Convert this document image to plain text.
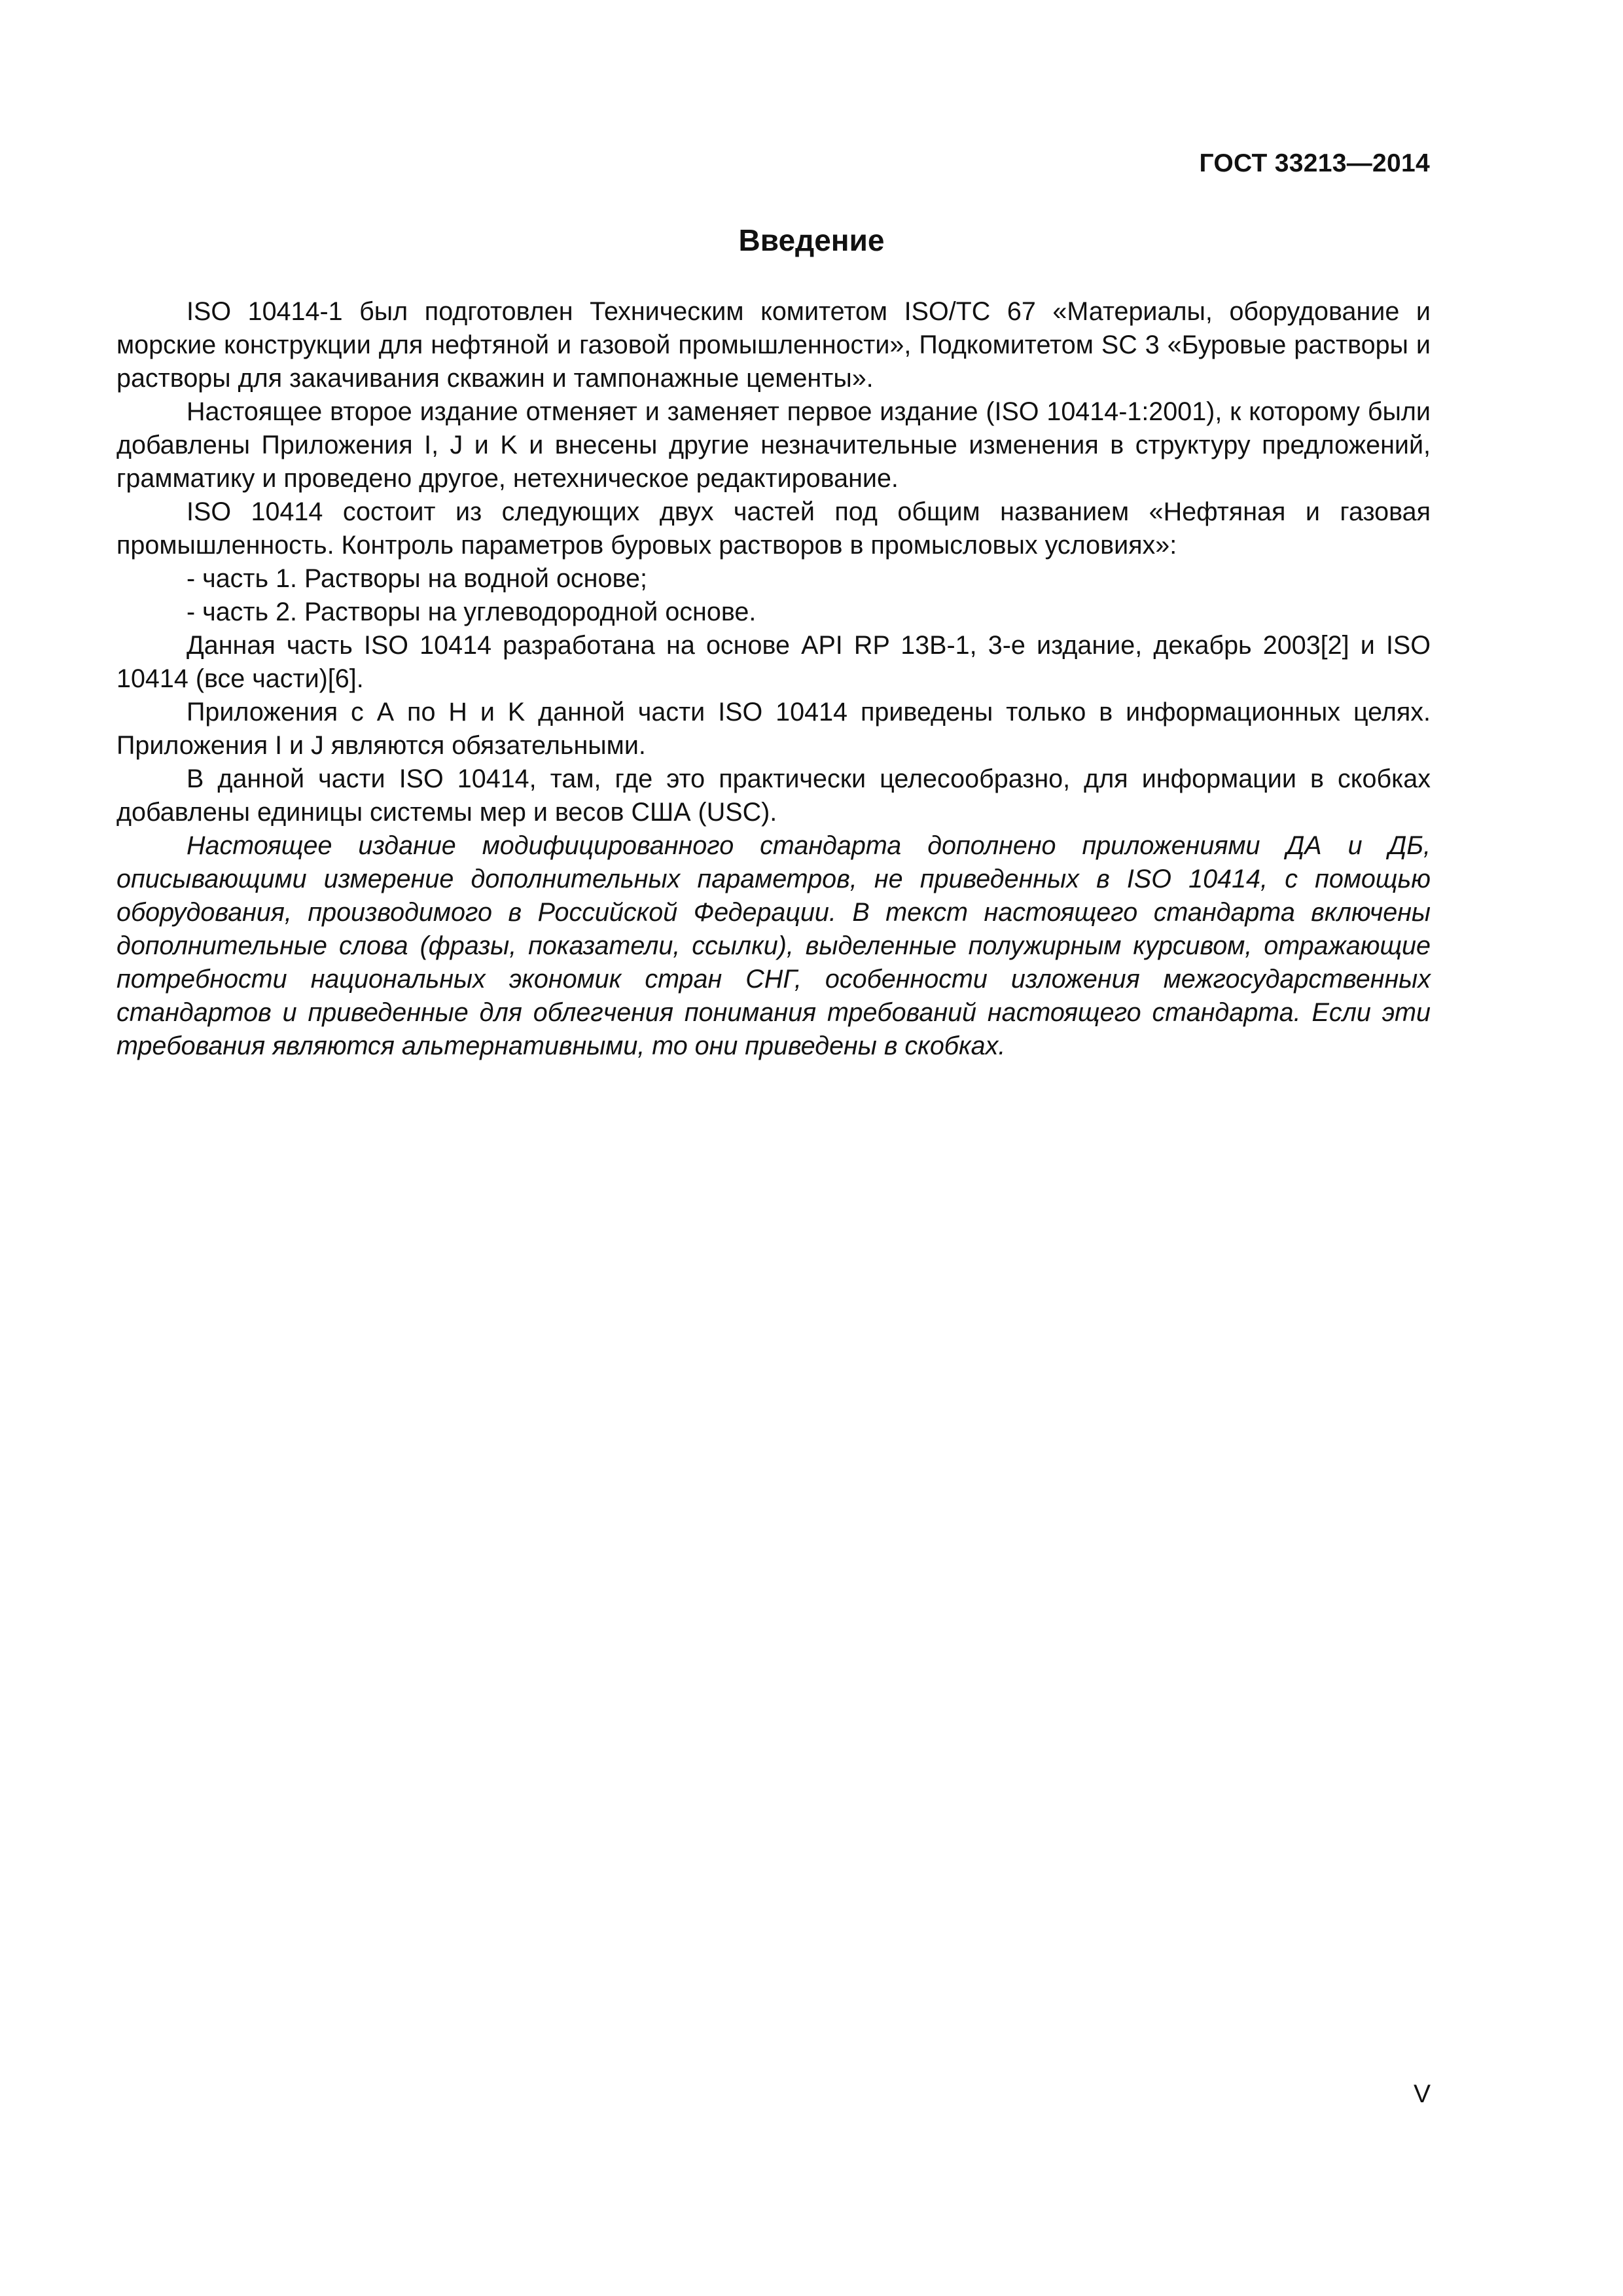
ГОСТ 33213—2014
Введение

ISO 10414-1 был подготовлен Техническим комитетом ISO/TC 67 «Материалы, оборудование и морские конструкции для нефтяной и газовой промышленности», Подкомитетом SC 3 «Буровые растворы и растворы для закачивания скважин и тампонажные цементы».

Настоящее второе издание отменяет и заменяет первое издание (ISO 10414-1:2001), к которому были добавлены Приложения I, J и K и внесены другие незначительные изменения в структуру предложений, грамматику и проведено другое, нетехническое редактирование.

ISO 10414 состоит из следующих двух частей под общим названием «Нефтяная и газовая промышленность. Контроль параметров буровых растворов в промысловых условиях»:

- часть 1. Растворы на водной основе;

- часть 2. Растворы на углеводородной основе.

Данная часть ISO 10414 разработана на основе API RP 13B-1, 3-е издание, декабрь 2003[2] и ISO 10414 (все части)[6].

Приложения с А по H и K данной части ISO 10414 приведены только в информационных целях. Приложения I и J являются обязательными.

В данной части ISO 10414, там, где это практически целесообразно, для информации в скобках добавлены единицы системы мер и весов США (USC).

Настоящее издание модифицированного стандарта дополнено приложениями ДА и ДБ, описывающими измерение дополнительных параметров, не приведенных в ISO 10414, с помощью оборудования, производимого в Российской Федерации. В текст настоящего стандарта включены дополнительные слова (фразы, показатели, ссылки), выделенные полужирным курсивом, отражающие потребности национальных экономик стран СНГ, особенности изложения межгосударственных стандартов и приведенные для облегчения понимания требований настоящего стандарта. Если эти требования являются альтернативными, то они приведены в скобках.

V
